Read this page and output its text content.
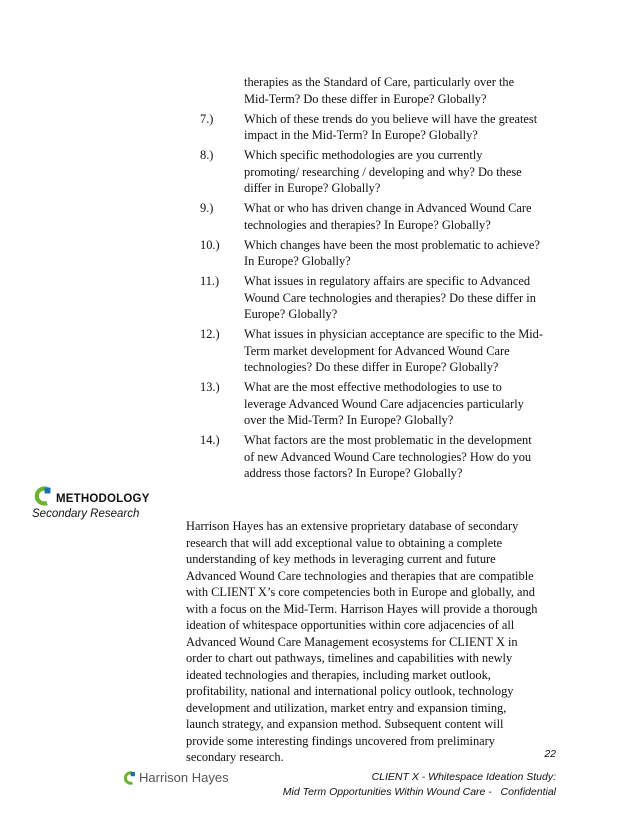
therapies as the Standard of Care, particularly over the
Mid-Term? Do these differ in Europe? Globally?
7.)	Which of these trends do you believe will have the greatest
impact in the Mid-Term? In Europe? Globally?
8.)	Which specific methodologies are you currently
promoting/ researching / developing and why? Do these
differ in Europe? Globally?
9.)	What or who has driven change in Advanced Wound Care
technologies and therapies? In Europe? Globally?
10.)	Which changes have been the most problematic to achieve?
In Europe? Globally?
11.)	What issues in regulatory affairs are specific to Advanced
Wound Care technologies and therapies? Do these differ in
Europe? Globally?
12.)	What issues in physician acceptance are specific to the Mid-
Term market development for Advanced Wound Care
technologies? Do these differ in Europe? Globally?
13.)	What are the most effective methodologies to use to
leverage Advanced Wound Care adjacencies particularly
over the Mid-Term? In Europe? Globally?
14.)	What factors are the most problematic in the development
of new Advanced Wound Care technologies? How do you
address those factors? In Europe? Globally?
METHODOLOGY
Secondary Research
Harrison Hayes has an extensive proprietary database of secondary
research that will add exceptional value to obtaining a complete
understanding of key methods in leveraging current and future
Advanced Wound Care technologies and therapies that are compatible
with CLIENT X’s core competencies both in Europe and globally, and
with a focus on the Mid-Term. Harrison Hayes will provide a thorough
ideation of whitespace opportunities within core adjacencies of all
Advanced Wound Care Management ecosystems for CLIENT X in
order to chart out pathways, timelines and capabilities with newly
ideated technologies and therapies, including market outlook,
profitability, national and international policy outlook, technology
development and utilization, market entry and expansion timing,
launch strategy, and expansion method. Subsequent content will
provide some interesting findings uncovered from preliminary
secondary research.	22
Harrison Hayes	CLIENT X - Whitespace Ideation Study:
Mid Term Opportunities Within Wound Care -   Confidential
